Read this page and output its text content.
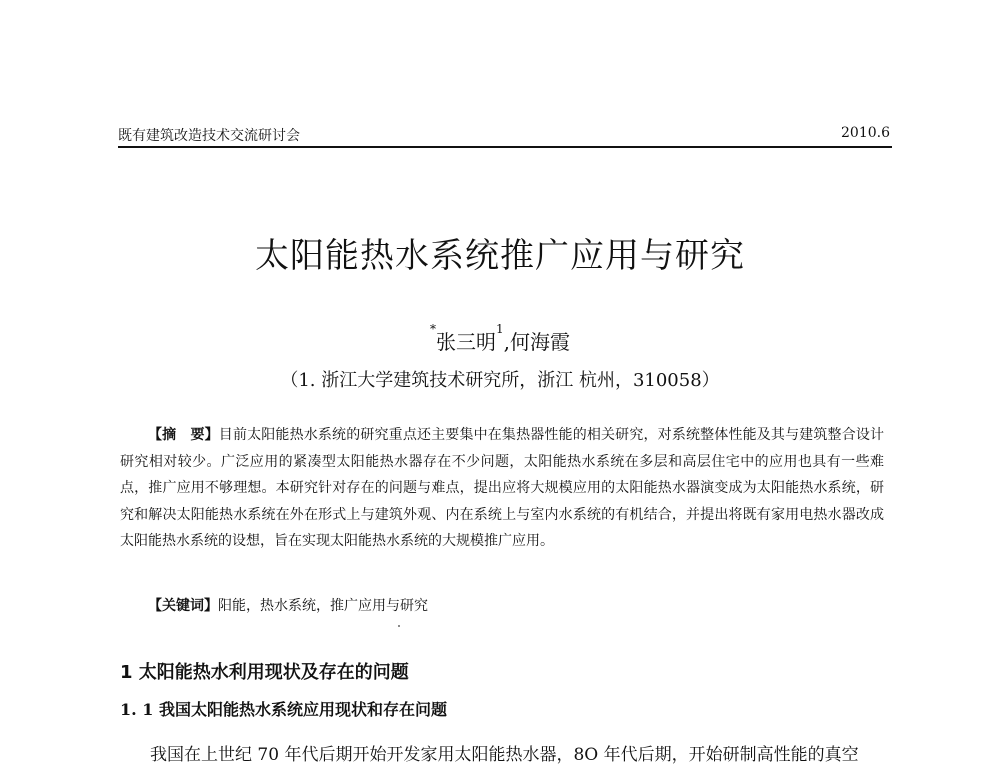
既有建筑改造技术交流研讨会	2010.6
太阳能热水系统推广应用与研究
*张三明$^1$,何海霞
（1. 浙江大学建筑技术研究所，浙江 杭州，310058）
【摘　要】目前太阳能热水系统的研究重点还主要集中在集热器性能的相关研究，对系统整体性能及其与建筑整合设计研究相对较少。广泛应用的紧凑型太阳能热水器存在不少问题，太阳能热水系统在多层和高层住宅中的应用也具有一些难点，推广应用不够理想。本研究针对存在的问题与难点，提出应将大规模应用的太阳能热水器演变成为太阳能热水系统，研究和解决太阳能热水系统在外在形式上与建筑外观、内在系统上与室内水系统的有机结合，并提出将既有家用电热水器改成太阳能热水系统的设想，旨在实现太阳能热水系统的大规模推广应用。
【关键词】阳能，热水系统，推广应用与研究
1 太阳能热水利用现状及存在的问题
1. 1 我国太阳能热水系统应用现状和存在问题
我国在上世纪 70 年代后期开始开发家用太阳能热水器，8O 年代后期，开始研制高性能的真空
